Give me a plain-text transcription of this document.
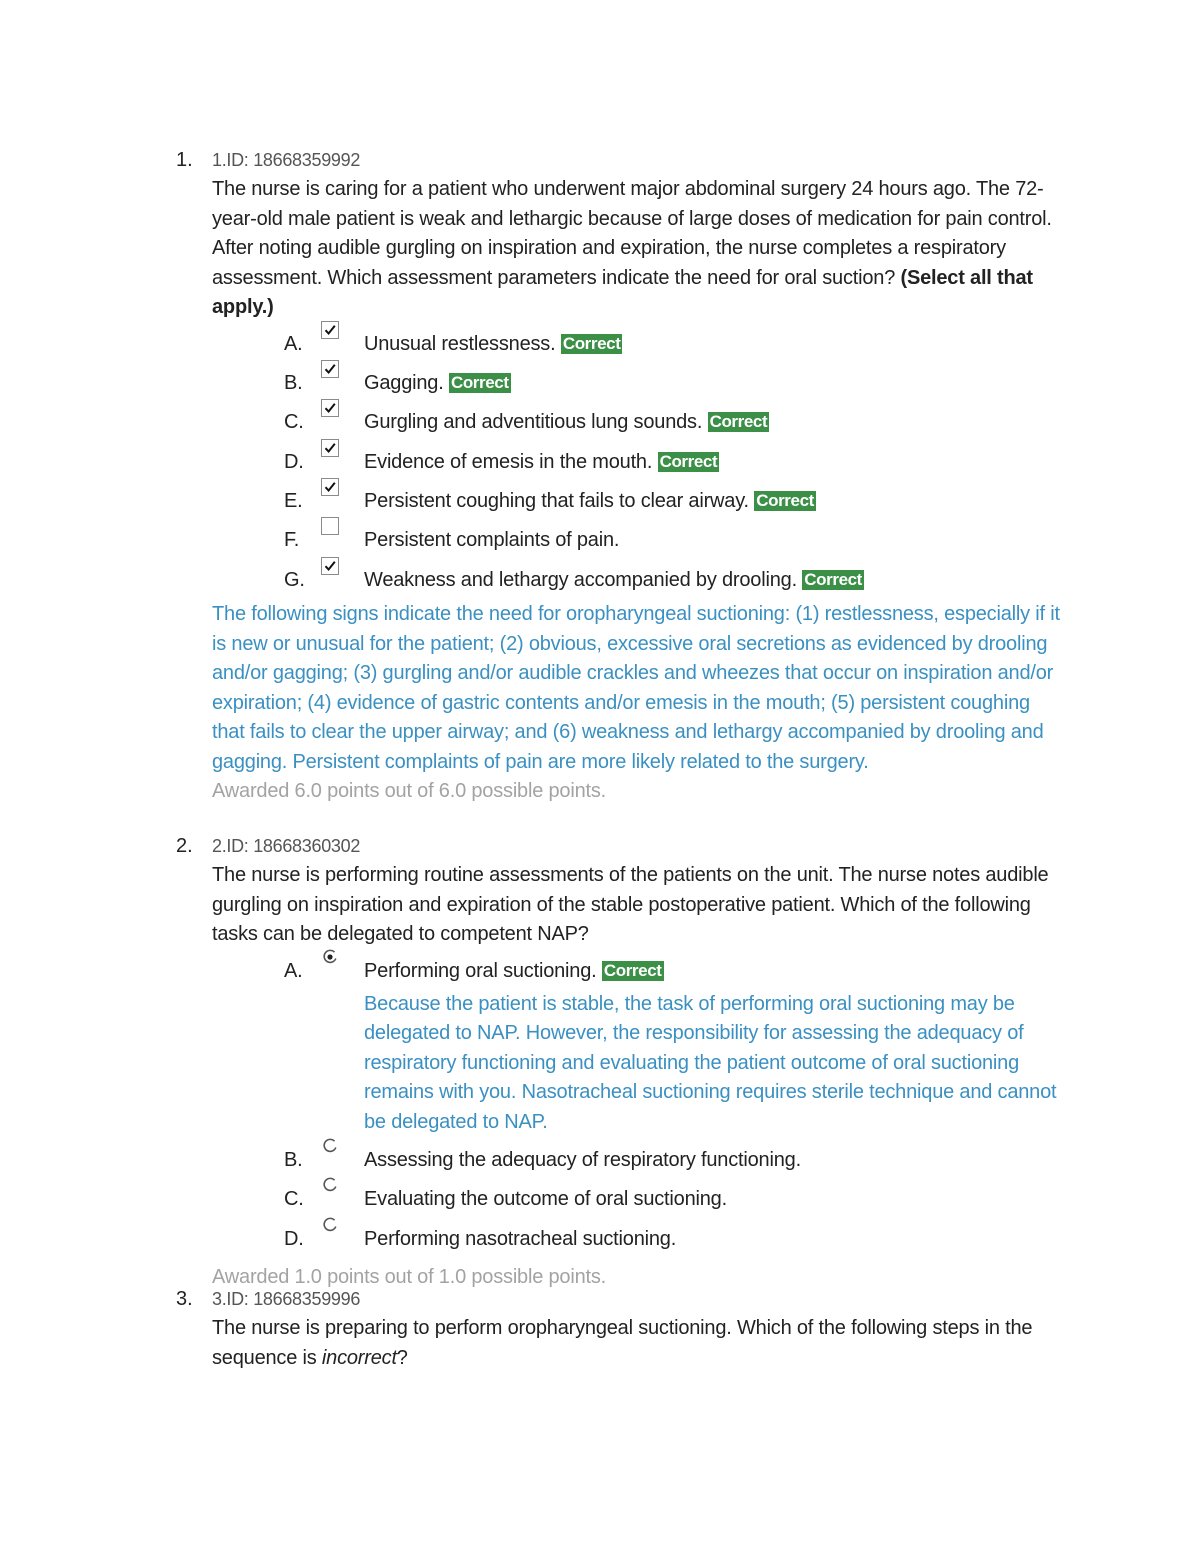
1. 1.ID: 18668359992
The nurse is caring for a patient who underwent major abdominal surgery 24 hours ago. The 72-year-old male patient is weak and lethargic because of large doses of medication for pain control. After noting audible gurgling on inspiration and expiration, the nurse completes a respiratory assessment. Which assessment parameters indicate the need for oral suction? (Select all that apply.)
A.	Unusual restlessness. Correct
B.	Gagging. Correct
C.	Gurgling and adventitious lung sounds. Correct
D.	Evidence of emesis in the mouth. Correct
E.	Persistent coughing that fails to clear airway. Correct
F.	Persistent complaints of pain.
G.	Weakness and lethargy accompanied by drooling. Correct
The following signs indicate the need for oropharyngeal suctioning: (1) restlessness, especially if it is new or unusual for the patient; (2) obvious, excessive oral secretions as evidenced by drooling and/or gagging; (3) gurgling and/or audible crackles and wheezes that occur on inspiration and/or expiration; (4) evidence of gastric contents and/or emesis in the mouth; (5) persistent coughing that fails to clear the upper airway; and (6) weakness and lethargy accompanied by drooling and gagging. Persistent complaints of pain are more likely related to the surgery.
Awarded 6.0 points out of 6.0 possible points.
2. 2.ID: 18668360302
The nurse is performing routine assessments of the patients on the unit. The nurse notes audible gurgling on inspiration and expiration of the stable postoperative patient. Which of the following tasks can be delegated to competent NAP?
A.	Performing oral suctioning. Correct
Because the patient is stable, the task of performing oral suctioning may be delegated to NAP. However, the responsibility for assessing the adequacy of respiratory functioning and evaluating the patient outcome of oral suctioning remains with you. Nasotracheal suctioning requires sterile technique and cannot be delegated to NAP.
B.	Assessing the adequacy of respiratory functioning.
C.	Evaluating the outcome of oral suctioning.
D.	Performing nasotracheal suctioning.
Awarded 1.0 points out of 1.0 possible points.
3. 3.ID: 18668359996
The nurse is preparing to perform oropharyngeal suctioning. Which of the following steps in the sequence is incorrect?
